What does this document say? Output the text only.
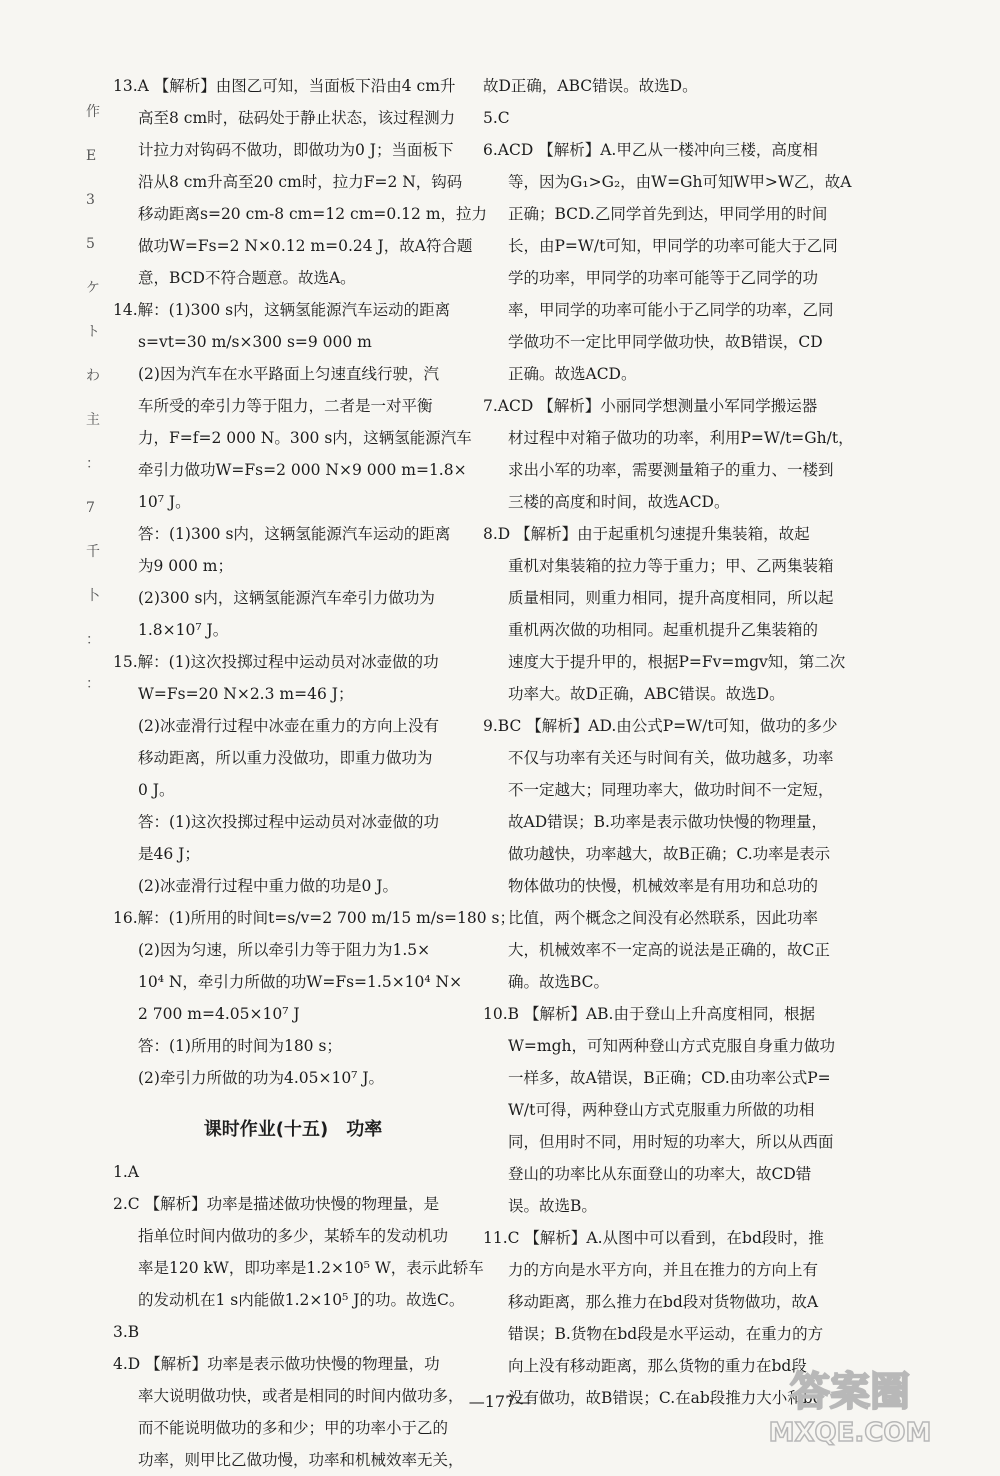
作
E
3
5
ケ
ト
わ
主
：
7
千
卜
：
：
13.A 【解析】由图乙可知，当面板下沿由4 cm升
高至8 cm时，砝码处于静止状态，该过程测力
计拉力对钩码不做功，即做功为0 J；当面板下
沿从8 cm升高至20 cm时，拉力F=2 N，钩码
移动距离s=20 cm-8 cm=12 cm=0.12 m，拉力
做功W=Fs=2 N×0.12 m=0.24 J，故A符合题
意，BCD不符合题意。故选A。
14.解：(1)300 s内，这辆氢能源汽车运动的距离
s=vt=30 m/s×300 s=9 000 m
(2)因为汽车在水平路面上匀速直线行驶，汽
车所受的牵引力等于阻力，二者是一对平衡
力，F=f=2 000 N。300 s内，这辆氢能源汽车
牵引力做功W=Fs=2 000 N×9 000 m=1.8×
10⁷ J。
答：(1)300 s内，这辆氢能源汽车运动的距离
为9 000 m；
(2)300 s内，这辆氢能源汽车牵引力做功为
1.8×10⁷ J。
15.解：(1)这次投掷过程中运动员对冰壶做的功
W=Fs=20 N×2.3 m=46 J；
(2)冰壶滑行过程中冰壶在重力的方向上没有
移动距离，所以重力没做功，即重力做功为
0 J。
答：(1)这次投掷过程中运动员对冰壶做的功
是46 J；
(2)冰壶滑行过程中重力做的功是0 J。
16.解：(1)所用的时间t=s/v=2 700 m/15 m/s=180 s；
(2)因为匀速，所以牵引力等于阻力为1.5×
10⁴ N，牵引力所做的功W=Fs=1.5×10⁴ N×
2 700 m=4.05×10⁷ J
答：(1)所用的时间为180 s；
(2)牵引力所做的功为4.05×10⁷ J。
课时作业(十五)　功率
1.A
2.C 【解析】功率是描述做功快慢的物理量，是
指单位时间内做功的多少，某轿车的发动机功
率是120 kW，即功率是1.2×10⁵ W，表示此轿车
的发动机在1 s内能做1.2×10⁵ J的功。故选C。
3.B
4.D 【解析】功率是表示做功快慢的物理量，功
率大说明做功快，或者是相同的时间内做功多，
而不能说明做功的多和少；甲的功率小于乙的
功率，则甲比乙做功慢，功率和机械效率无关，
故D正确，ABC错误。故选D。
5.C
6.ACD 【解析】A.甲乙从一楼冲向三楼，高度相
等，因为G₁>G₂，由W=Gh可知W甲>W乙，故A
正确；BCD.乙同学首先到达，甲同学用的时间
长，由P=W/t可知，甲同学的功率可能大于乙同
学的功率，甲同学的功率可能等于乙同学的功
率，甲同学的功率可能小于乙同学的功率，乙同
学做功不一定比甲同学做功快，故B错误，CD
正确。故选ACD。
7.ACD 【解析】小丽同学想测量小军同学搬运器
材过程中对箱子做功的功率，利用P=W/t=Gh/t，
求出小军的功率，需要测量箱子的重力、一楼到
三楼的高度和时间，故选ACD。
8.D 【解析】由于起重机匀速提升集装箱，故起
重机对集装箱的拉力等于重力；甲、乙两集装箱
质量相同，则重力相同，提升高度相同，所以起
重机两次做的功相同。起重机提升乙集装箱的
速度大于提升甲的，根据P=Fv=mgv知，第二次
功率大。故D正确，ABC错误。故选D。
9.BC 【解析】AD.由公式P=W/t可知，做功的多少
不仅与功率有关还与时间有关，做功越多，功率
不一定越大；同理功率大，做功时间不一定短，
故AD错误；B.功率是表示做功快慢的物理量，
做功越快，功率越大，故B正确；C.功率是表示
物体做功的快慢，机械效率是有用功和总功的
比值，两个概念之间没有必然联系，因此功率
大，机械效率不一定高的说法是正确的，故C正
确。故选BC。
10.B 【解析】AB.由于登山上升高度相同，根据
W=mgh，可知两种登山方式克服自身重力做功
一样多，故A错误，B正确；CD.由功率公式P=
W/t可得，两种登山方式克服重力所做的功相
同，但用时不同，用时短的功率大，所以从西面
登山的功率比从东面登山的功率大，故CD错
误。故选B。
11.C 【解析】A.从图中可以看到，在bd段时，推
力的方向是水平方向，并且在推力的方向上有
移动距离，那么推力在bd段对货物做功，故A
错误；B.货物在bd段是水平运动，在重力的方
向上没有移动距离，那么货物的重力在bd段
没有做功，故B错误；C.在ab段推力大小和bd
—177—	答案圈
MXQE.COM
